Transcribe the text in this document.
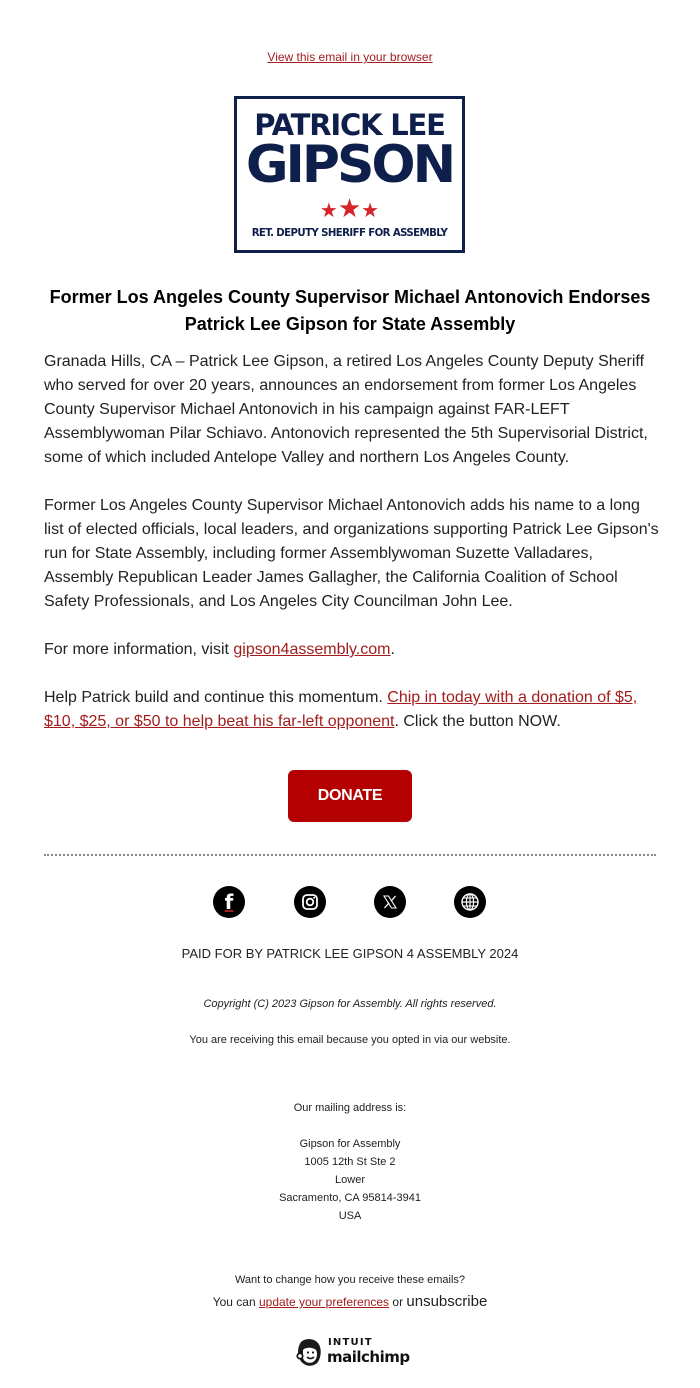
View this email in your browser
PATRICK LEE
GIPSON
★★★
RET. DEPUTY SHERIFF FOR ASSEMBLY
Former Los Angeles County Supervisor Michael Antonovich Endorses Patrick Lee Gipson for State Assembly

Granada Hills, CA – Patrick Lee Gipson, a retired Los Angeles County Deputy Sheriff who served for over 20 years, announces an endorsement from former Los Angeles County Supervisor Michael Antonovich in his campaign against FAR-LEFT Assemblywoman Pilar Schiavo. Antonovich represented the 5th Supervisorial District, some of which included Antelope Valley and northern Los Angeles County.

Former Los Angeles County Supervisor Michael Antonovich adds his name to a long list of elected officials, local leaders, and organizations supporting Patrick Lee Gipson's run for State Assembly, including former Assemblywoman Suzette Valladares, Assembly Republican Leader James Gallagher, the California Coalition of School Safety Professionals, and Los Angeles City Councilman John Lee.

For more information, visit gipson4assembly.com.

Help Patrick build and continue this momentum. Chip in today with a donation of $5, $10, $25, or $50 to help beat his far-left opponent. Click the button NOW.

DONATE
f
PAID FOR BY PATRICK LEE GIPSON 4 ASSEMBLY 2024
Copyright (C) 2023 Gipson for Assembly. All rights reserved.
You are receiving this email because you opted in via our website.
Our mailing address is:
Gipson for Assembly
1005 12th St Ste 2
Lower
Sacramento, CA 95814-3941
USA
Want to change how you receive these emails?
You can update your preferences or unsubscribe
INTUIT
mailchimp
